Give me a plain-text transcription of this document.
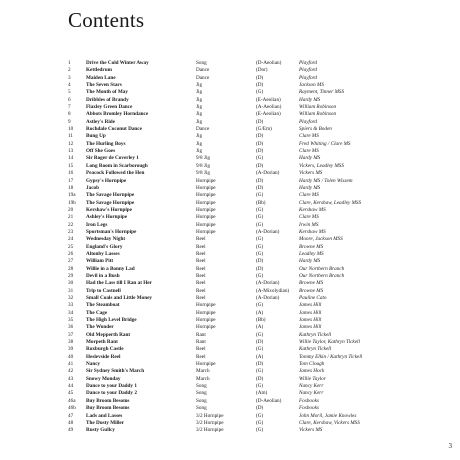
Contents
1	Drive the Cold Winter Away	Song	(D-Aeolian)	Playford
2	Kettledrum	Dance	(Dor)	Playford
3	Maiden Lane	Dance	(D)	Playford
4	The Seven Stars	Jig	(D)	Jackson MS
5	The Month of May	Jig	(G)	Rayment, Tinner MSS
6	Dribbles of Brandy	Jig	(E-Aeolian)	Hardy MS
7	Flaxley Green Dance	Jig	(A-Aeolian)	William Robinson
8	Abbots Bromley Horndance	Jig	(E-Aeolian)	William Robinson
9	Astley's Ride	Jig	(D)	Playford
10	Rochdale Coconut Dance	Dance	(G/Em)	Spiers & Boden
11	Bung Up	Jig	(D)	Clare MS
12	The Hurling Boys	Jig	(D)	Fred Whiting / Clare MS
13	Off She Goes	Jig	(D)	Clare MS
14	Sir Roger de Coverley 1	9/8 Jig	(G)	Hardy MS
15	Long Room in Scarborough	9/8 Jig	(D)	Vickers, Leadley MSS
16	Peacock Followed the Hen	9/8 Jig	(A-Dorian)	Vickers MS
17	Gypsy's Hornpipe	Hornpipe	(D)	Hardy MS / Tolen Wissem
18	Jacob	Hornpipe	(D)	Hardy MS
19a	The Savage Hornpipe	Hornpipe	(G)	Clare MS
19b	The Savage Hornpipe	Hornpipe	(Bb)	Clare, Kershaw, Leadley MSS
20	Kershaw's Hornpipe	Hornpipe	(G)	Kershaw MS
21	Ashley's Hornpipe	Hornpipe	(G)	Clare MS
22	Iron Legs	Hornpipe	(G)	Irwin MS
23	Sportsman's Hornpipe	Hornpipe	(A-Dorian)	Kershaw MS
24	Wednesday Night	Reel	(G)	Moore, Jackson MSS
25	England's Glory	Reel	(G)	Browne MS
26	Altonby Lasses	Reel	(G)	Leadley MS
27	William Pitt	Reel	(D)	Hardy MS
28	Willie in a Bonny Lad	Reel	(D)	Our Northern Branch
29	Devil in a Bush	Reel	(G)	Our Northern Branch
30	Had the Lass till I Ran at Her	Reel	(A-Dorian)	Browne MS
31	Trip to Castnell	Reel	(A-Mixolydian)	Browne MS
32	Small Coals and Little Money	Reel	(A-Dorian)	Pauline Cato
33	The Steamboat	Hornpipe	(G)	James Hill
34	The Cage	Hornpipe	(A)	James Hill
35	The High Level Bridge	Hornpipe	(Bb)	James Hill
36	The Wonder	Hornpipe	(A)	James Hill
37	Old Mepperth Rant	Rant	(G)	Kathryn Tickell
38	Morpeth Rant	Rant	(D)	Willie Taylor, Kathryn Tickell
39	Roxburgh Castle	Reel	(G)	Kathryn Tickell
40	Heslevside Reel	Reel	(A)	Tommy Elkin / Kathryn Tickell
41	Nancy	Hornpipe	(D)	Tom Clough
42	Sir Sydney Smith's March	March	(G)	James Hock
43	Snowy Monday	March	(D)	Willie Taylor
44	Dance to your Daddy 1	Song	(G)	Nancy Kerr
45	Dance to your Daddy 2	Song	(Am)	Nancy Kerr
46a	Buy Broom Besoms	Song	(D-Aeolian)	Fosbooks
46b	Buy Broom Besoms	Song	(D)	Fosbooks
47	Lads and Lasses	3/2 Hornpipe	(G)	John Moril, Jamie Knowles
48	The Dusty Miller	3/2 Hornpipe	(G)	Clare, Kershaw, Vickers MSS
49	Rusty Gullcy	3/2 Hornpipe	(G)	Vickers MS
3
